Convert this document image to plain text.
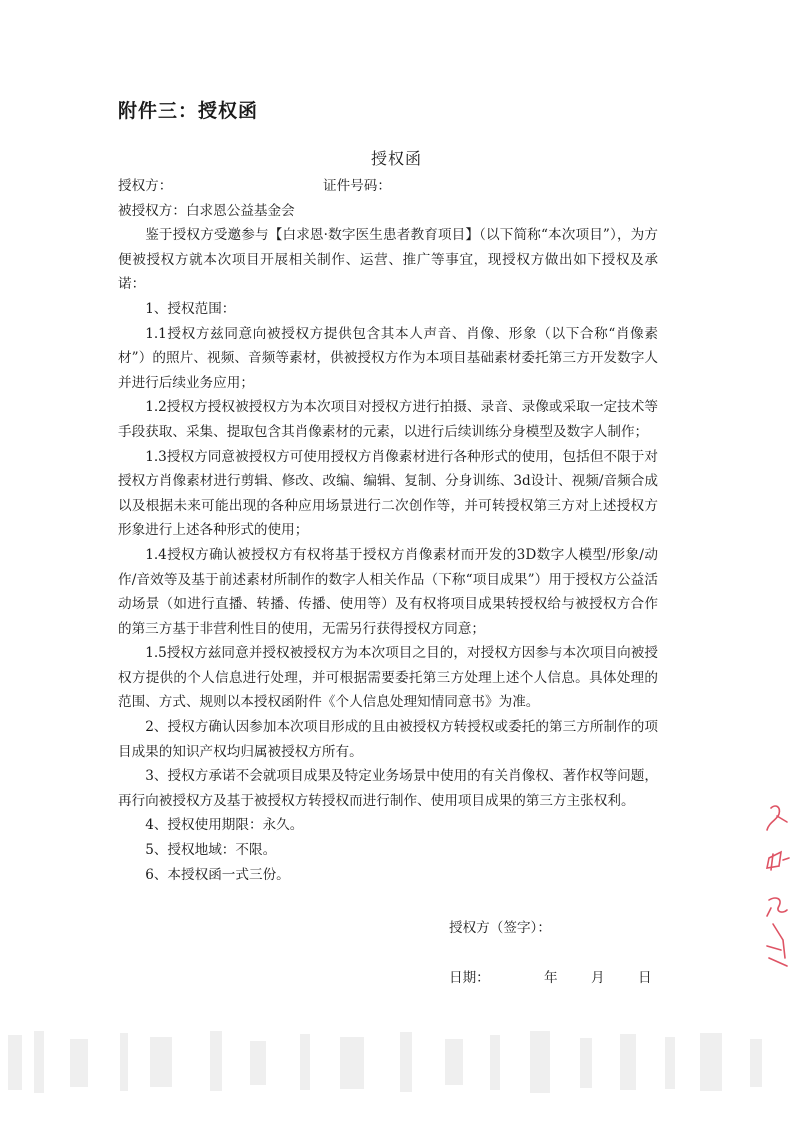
附件三：授权函
授权函
授权方：	证件号码：

被授权方：白求恩公益基金会

鉴于授权方受邀参与【白求恩·数字医生患者教育项目】（以下简称“本次项目”），为方便被授权方就本次项目开展相关制作、运营、推广等事宜，现授权方做出如下授权及承诺：

1、授权范围：

1.1授权方兹同意向被授权方提供包含其本人声音、肖像、形象（以下合称“肖像素材”）的照片、视频、音频等素材，供被授权方作为本项目基础素材委托第三方开发数字人并进行后续业务应用；

1.2授权方授权被授权方为本次项目对授权方进行拍摄、录音、录像或采取一定技术等手段获取、采集、提取包含其肖像素材的元素，以进行后续训练分身模型及数字人制作；

1.3授权方同意被授权方可使用授权方肖像素材进行各种形式的使用，包括但不限于对授权方肖像素材进行剪辑、修改、改编、编辑、复制、分身训练、3d设计、视频/音频合成以及根据未来可能出现的各种应用场景进行二次创作等，并可转授权第三方对上述授权方形象进行上述各种形式的使用；

1.4授权方确认被授权方有权将基于授权方肖像素材而开发的3D数字人模型/形象/动作/音效等及基于前述素材所制作的数字人相关作品（下称“项目成果”）用于授权方公益活动场景（如进行直播、转播、传播、使用等）及有权将项目成果转授权给与被授权方合作的第三方基于非营利性目的使用，无需另行获得授权方同意；

1.5授权方兹同意并授权被授权方为本次项目之目的，对授权方因参与本次项目向被授权方提供的个人信息进行处理，并可根据需要委托第三方处理上述个人信息。具体处理的范围、方式、规则以本授权函附件《个人信息处理知情同意书》为准。

2、授权方确认因参加本次项目形成的且由被授权方转授权或委托的第三方所制作的项目成果的知识产权均归属被授权方所有。

3、授权方承诺不会就项目成果及特定业务场景中使用的有关肖像权、著作权等问题，再行向被授权方及基于被授权方转授权而进行制作、使用项目成果的第三方主张权利。

4、授权使用期限：永久。

5、授权地域：不限。

6、本授权函一式三份。

授权方（签字）：
日期：	年	月	日
